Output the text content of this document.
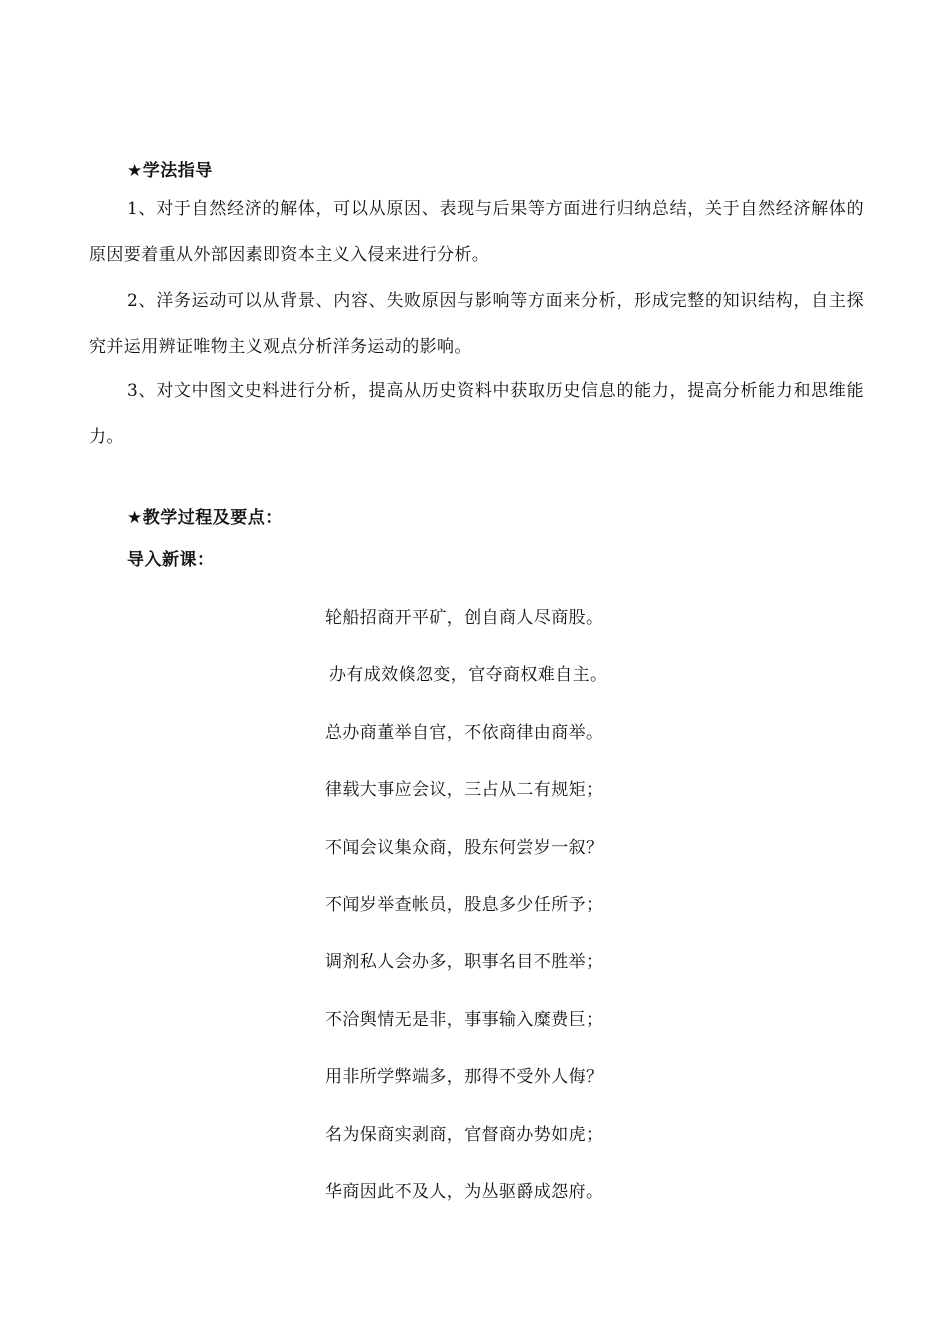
★学法指导
1、对于自然经济的解体，可以从原因、表现与后果等方面进行归纳总结，关于自然经济解体的原因要着重从外部因素即资本主义入侵来进行分析。
2、洋务运动可以从背景、内容、失败原因与影响等方面来分析，形成完整的知识结构，自主探究并运用辨证唯物主义观点分析洋务运动的影响。
3、对文中图文史料进行分析，提高从历史资料中获取历史信息的能力，提高分析能力和思维能力。
★教学过程及要点：
导入新课：
轮船招商开平矿，创自商人尽商股。
办有成效倏忽变，官夺商权难自主。
总办商董举自官，不依商律由商举。
律载大事应会议，三占从二有规矩；
不闻会议集众商，股东何尝岁一叙？
不闻岁举查帐员，股息多少任所予；
调剂私人会办多，职事名目不胜举；
不洽舆情无是非，事事输入糜费巨；
用非所学弊端多，那得不受外人侮？
名为保商实剥商，官督商办势如虎；
华商因此不及人，为丛驱爵成怨府。
